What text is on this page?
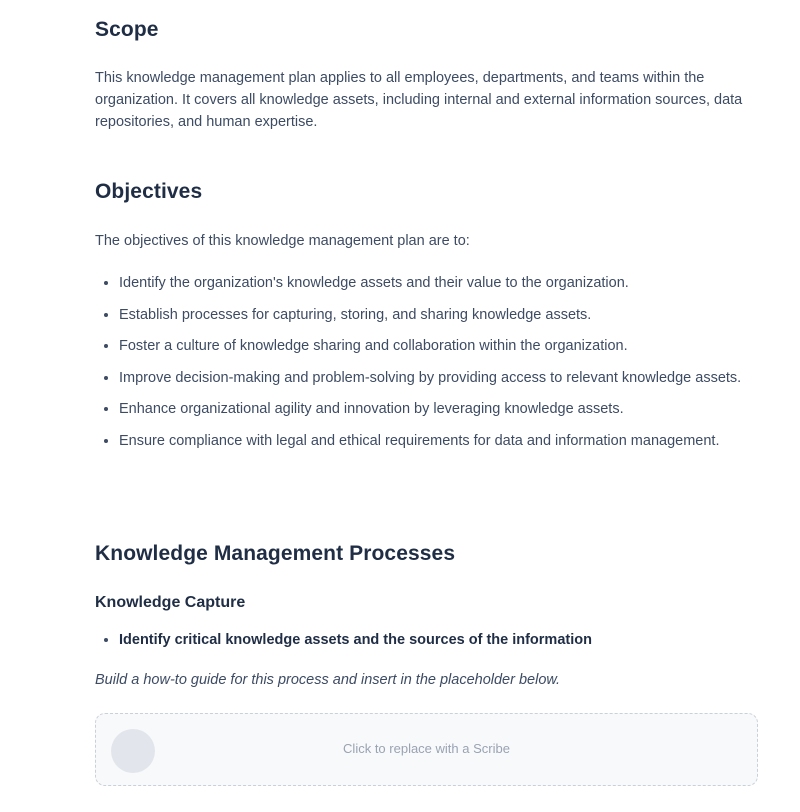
Scope

This knowledge management plan applies to all employees, departments, and teams within the organization. It covers all knowledge assets, including internal and external information sources, data repositories, and human expertise.

Objectives

The objectives of this knowledge management plan are to:

• Identify the organization's knowledge assets and their value to the organization.
• Establish processes for capturing, storing, and sharing knowledge assets.
• Foster a culture of knowledge sharing and collaboration within the organization.
• Improve decision-making and problem-solving by providing access to relevant knowledge assets.
• Enhance organizational agility and innovation by leveraging knowledge assets.
• Ensure compliance with legal and ethical requirements for data and information management.
Knowledge Management Processes
Knowledge Capture
• Identify critical knowledge assets and the sources of the information

Build a how-to guide for this process and insert in the placeholder below.

Click to replace with a Scribe
